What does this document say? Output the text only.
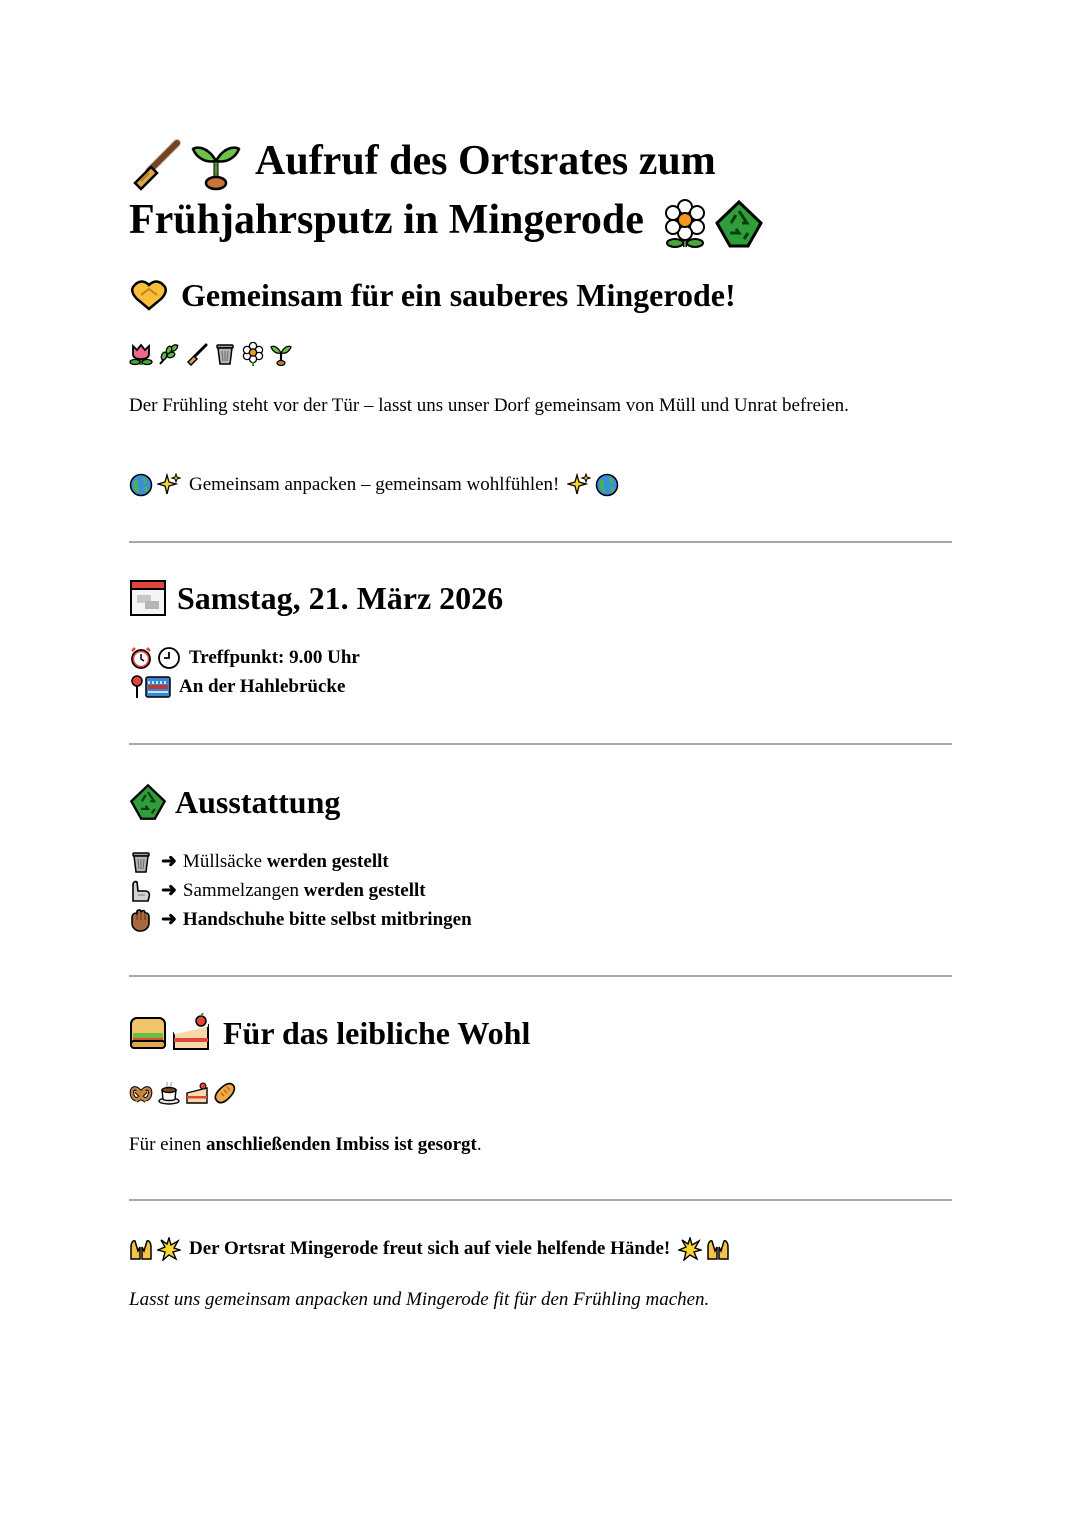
Aufruf des Ortsrates zum
Frühjahrsputz in Mingerode
Gemeinsam für ein sauberes Mingerode!

Der Frühling steht vor der Tür – lasst uns unser Dorf gemeinsam von Müll und Unrat befreien.

Gemeinsam anpacken – gemeinsam wohlfühlen!
Samstag, 21. März 2026
Treffpunkt: 9.00 Uhr
An der Hahlebrücke
Ausstattung
➜ Müllsäcke
werden gestellt
➜ Sammelzangen
werden gestellt
➜ Handschuhe bitte selbst mitbringen
Für das leibliche Wohl

Für einen anschließenden Imbiss ist gesorgt.

Der Ortsrat Mingerode freut sich auf viele helfende Hände!

Lasst uns gemeinsam anpacken und Mingerode fit für den Frühling machen.
